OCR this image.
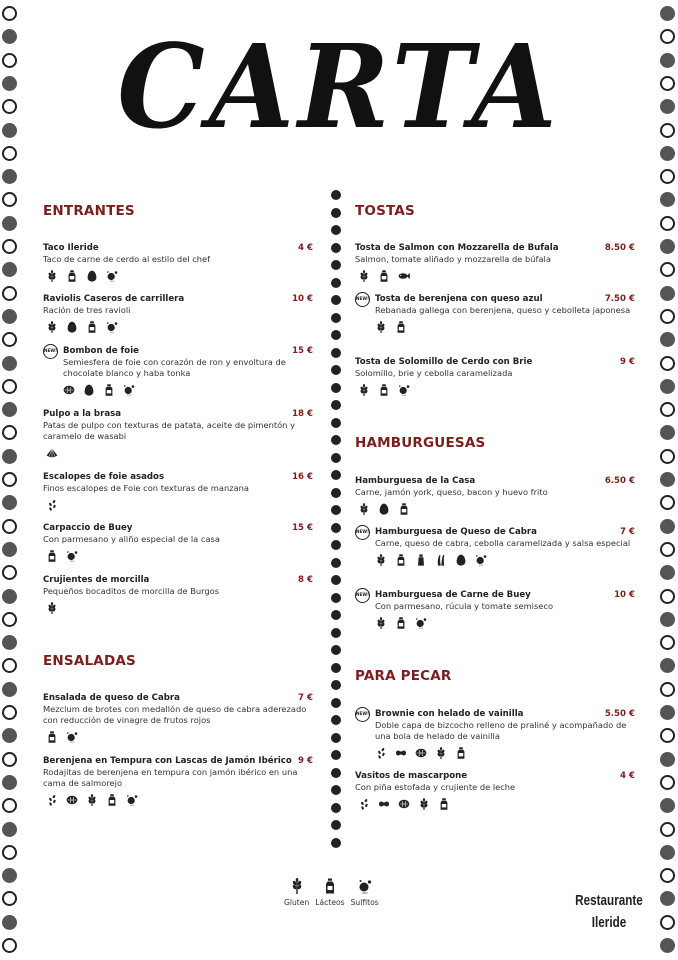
CARTA
ENTRANTES
Taco Ileride	4 €
Taco de carne de cerdo al estilo del chef
SO2
Raviolis Caseros de carrillera	10 €
Ración de tres ravioli
SO2
NEW! Bombon de foie	15 €
Semiesfera de foie con corazón de ron y envoltura de chocolate blanco y haba tonka
SO2
Pulpo a la brasa	18 €
Patas de pulpo con texturas de patata, aceite de pimentón y caramelo de wasabi
Escalopes de foie asados	16 €
Finos escalopes de Foie con texturas de manzana
Carpaccio de Buey	15 €
Con parmesano y aliño especial de la casa
SO2
Crujientes de morcilla	8 €
Pequeños bocaditos de morcilla de Burgos
ENSALADAS
Ensalada de queso de Cabra	7 €
Mezclum de brotes con medallón de queso de cabra aderezado con reducción de vinagre de frutos rojos
SO2
Berenjena en Tempura con Lascas de Jamón Ibérico 9 €
Rodajitas de berenjena en tempura con jamón ibérico en una cama de salmorejo
SO2
TOSTAS
Tosta de Salmon con Mozzarella de Bufala	8.50 €
Salmon, tomate aliñado y mozzarella de búfala
NEW! Tosta de berenjena con queso azul	7.50 €
Rebanada gallega con berenjena, queso y cebolleta japonesa
Tosta de Solomillo de Cerdo con Brie	9 €
Solomillo, brie y cebolla caramelizada
SO2
HAMBURGUESAS
Hamburguesa de la Casa	6.50 €
Carne, jamón york, queso, bacon y huevo frito
NEW! Hamburguesa de Queso de Cabra	7 €
Carne, queso de cabra, cebolla caramelizada y salsa especial
SO2
NEW! Hamburguesa de Carne de Buey	10 €
Con parmesano, rúcula y tomate semiseco
SO2
PARA PECAR
NEW! Brownie con helado de vainilla	5.50 €
Doble capa de bizcocho relleno de praliné y acompañado de una bola de helado de vainilla
Vasitos de mascarpone	4 €
Con piña estofada y crujiente de leche
Gluten Lácteos
SO2
Sulfitos	Restaurante
Ileride
